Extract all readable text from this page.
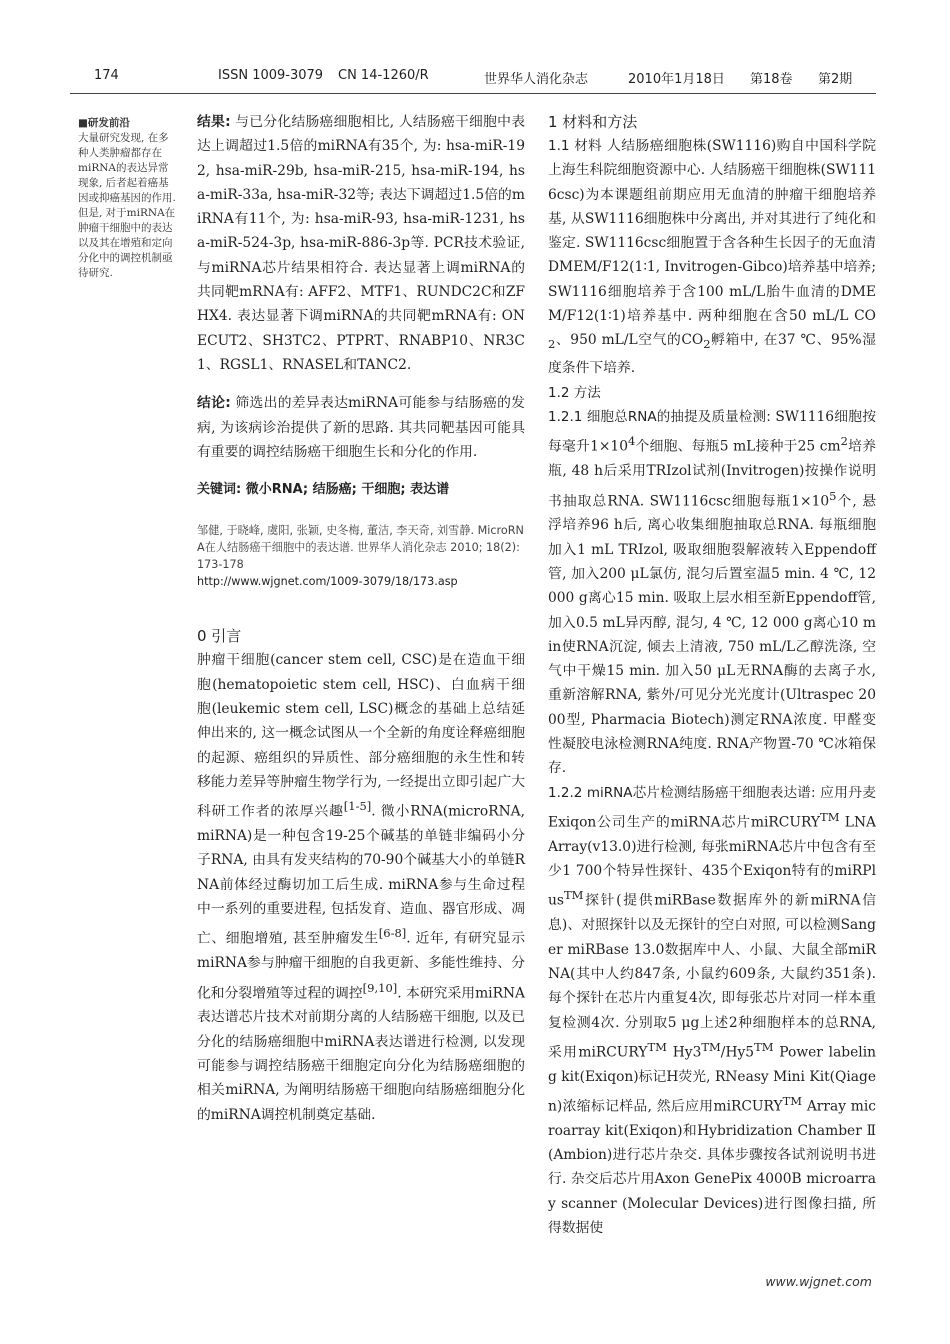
174	ISSN 1009-3079 CN 14-1260/R	世界华人消化杂志	2010年1月18日 第18卷 第2期
■研发前沿
大量研究发现, 在多种人类肿瘤都存在miRNA的表达异常现象, 后者起着癌基因或抑癌基因的作用. 但是, 对于miRNA在肿瘤干细胞中的表达以及其在增殖和定向分化中的调控机制亟待研究.

结果: 与已分化结肠癌细胞相比, 人结肠癌干细胞中表达上调超过1.5倍的miRNA有35个, 为: hsa-miR-192, hsa-miR-29b, hsa-miR-215, hsa-miR-194, hsa-miR-33a, hsa-miR-32等; 表达下调超过1.5倍的miRNA有11个, 为: hsa-miR-93, hsa-miR-1231, hsa-miR-524-3p, hsa-miR-886-3p等. PCR技术验证, 与miRNA芯片结果相符合. 表达显著上调miRNA的共同靶mRNA有: AFF2、MTF1、RUNDC2C和ZFHX4. 表达显著下调miRNA的共同靶mRNA有: ONECUT2、SH3TC2、PTPRT、RNABP10、NR3C1、RGSL1、RNASEL和TANC2.

结论: 筛选出的差异表达miRNA可能参与结肠癌的发病, 为该病诊治提供了新的思路. 其共同靶基因可能具有重要的调控结肠癌干细胞生长和分化的作用.

关键词: 微小RNA; 结肠癌; 干细胞; 表达谱

邹健, 于晓峰, 虞阳, 张颖, 史冬梅, 董洁, 李天奇, 刘雪静. MicroRNA在人结肠癌干细胞中的表达谱. 世界华人消化杂志 2010; 18(2): 173-178
http://www.wjgnet.com/1009-3079/18/173.asp

0 引言

肿瘤干细胞(cancer stem cell, CSC)是在造血干细胞(hematopoietic stem cell, HSC)、白血病干细胞(leukemic stem cell, LSC)概念的基础上总结延伸出来的, 这一概念试图从一个全新的角度诠释癌细胞的起源、癌组织的异质性、部分癌细胞的永生性和转移能力差异等肿瘤生物学行为, 一经提出立即引起广大科研工作者的浓厚兴趣[1-5]. 微小RNA(microRNA, miRNA)是一种包含19-25个碱基的单链非编码小分子RNA, 由具有发夹结构的70-90个碱基大小的单链RNA前体经过酶切加工后生成. miRNA参与生命过程中一系列的重要进程, 包括发育、造血、器官形成、凋亡、细胞增殖, 甚至肿瘤发生[6-8]. 近年, 有研究显示miRNA参与肿瘤干细胞的自我更新、多能性维持、分化和分裂增殖等过程的调控[9,10]. 本研究采用miRNA表达谱芯片技术对前期分离的人结肠癌干细胞, 以及已分化的结肠癌细胞中miRNA表达谱进行检测, 以发现可能参与调控结肠癌干细胞定向分化为结肠癌细胞的相关miRNA, 为阐明结肠癌干细胞向结肠癌细胞分化的miRNA调控机制奠定基础.

1 材料和方法

1.1 材料 人结肠癌细胞株(SW1116)购自中国科学院上海生科院细胞资源中心. 人结肠癌干细胞株(SW1116csc)为本课题组前期应用无血清的肿瘤干细胞培养基, 从SW1116细胞株中分离出, 并对其进行了纯化和鉴定. SW1116csc细胞置于含各种生长因子的无血清DMEM/F12(1∶1, Invitrogen-Gibco)培养基中培养; SW1116细胞培养于含100 mL/L胎牛血清的DMEM/F12(1∶1)培养基中. 两种细胞在含50 mL/L $CO_2$、950 mL/L空气的$CO_2$孵箱中, 在37 ℃、95%湿度条件下培养.

1.2 方法

1.2.1 细胞总RNA的抽提及质量检测: SW1116细胞按每毫升$1\times 10^4$个细胞、每瓶5 mL接种于25 $cm^2$培养瓶, 48 h后采用TRIzol试剂(Invitrogen)按操作说明书抽取总RNA. SW1116csc细胞每瓶$1\times 10^5$个, 悬浮培养96 h后, 离心收集细胞抽取总RNA. 每瓶细胞加入1 mL TRIzol, 吸取细胞裂解液转入Eppendoff管, 加入200 μL氯仿, 混匀后置室温5 min. 4 ℃, 12 000 g离心15 min. 吸取上层水相至新Eppendoff管, 加入0.5 mL异丙醇, 混匀, 4 ℃, 12 000 g离心10 min使RNA沉淀, 倾去上清液, 750 mL/L乙醇洗涤, 空气中干燥15 min. 加入50 μL无RNA酶的去离子水, 重新溶解RNA, 紫外/可见分光光度计(Ultraspec 2000型, Pharmacia Biotech)测定RNA浓度. 甲醛变性凝胶电泳检测RNA纯度. RNA产物置-70 ℃冰箱保存.

1.2.2 miRNA芯片检测结肠癌干细胞表达谱: 应用丹麦Exiqon公司生产的miRNA芯片miRCURY™ LNA Array(v13.0)进行检测, 每张miRNA芯片中包含有至少1 700个特异性探针、435个Exiqon特有的miRPlus™探针(提供miRBase数据库外的新miRNA信息)、对照探针以及无探针的空白对照, 可以检测Sanger miRBase 13.0数据库中人、小鼠、大鼠全部miRNA(其中人约847条, 小鼠约609条, 大鼠约351条). 每个探针在芯片内重复4次, 即每张芯片对同一样本重复检测4次. 分别取5 μg上述2种细胞样本的总RNA, 采用miRCURY™ Hy3™/Hy5™ Power labeling kit(Exiqon)标记H荧光, RNeasy Mini Kit(Qiagen)浓缩标记样品, 然后应用miRCURY™ Array microarray kit(Exiqon)和Hybridization Chamber Ⅱ(Ambion)进行芯片杂交. 具体步骤按各试剂说明书进行. 杂交后芯片用Axon GenePix 4000B microarray scanner (Molecular Devices)进行图像扫描, 所得数据使

www.wjgnet.com
